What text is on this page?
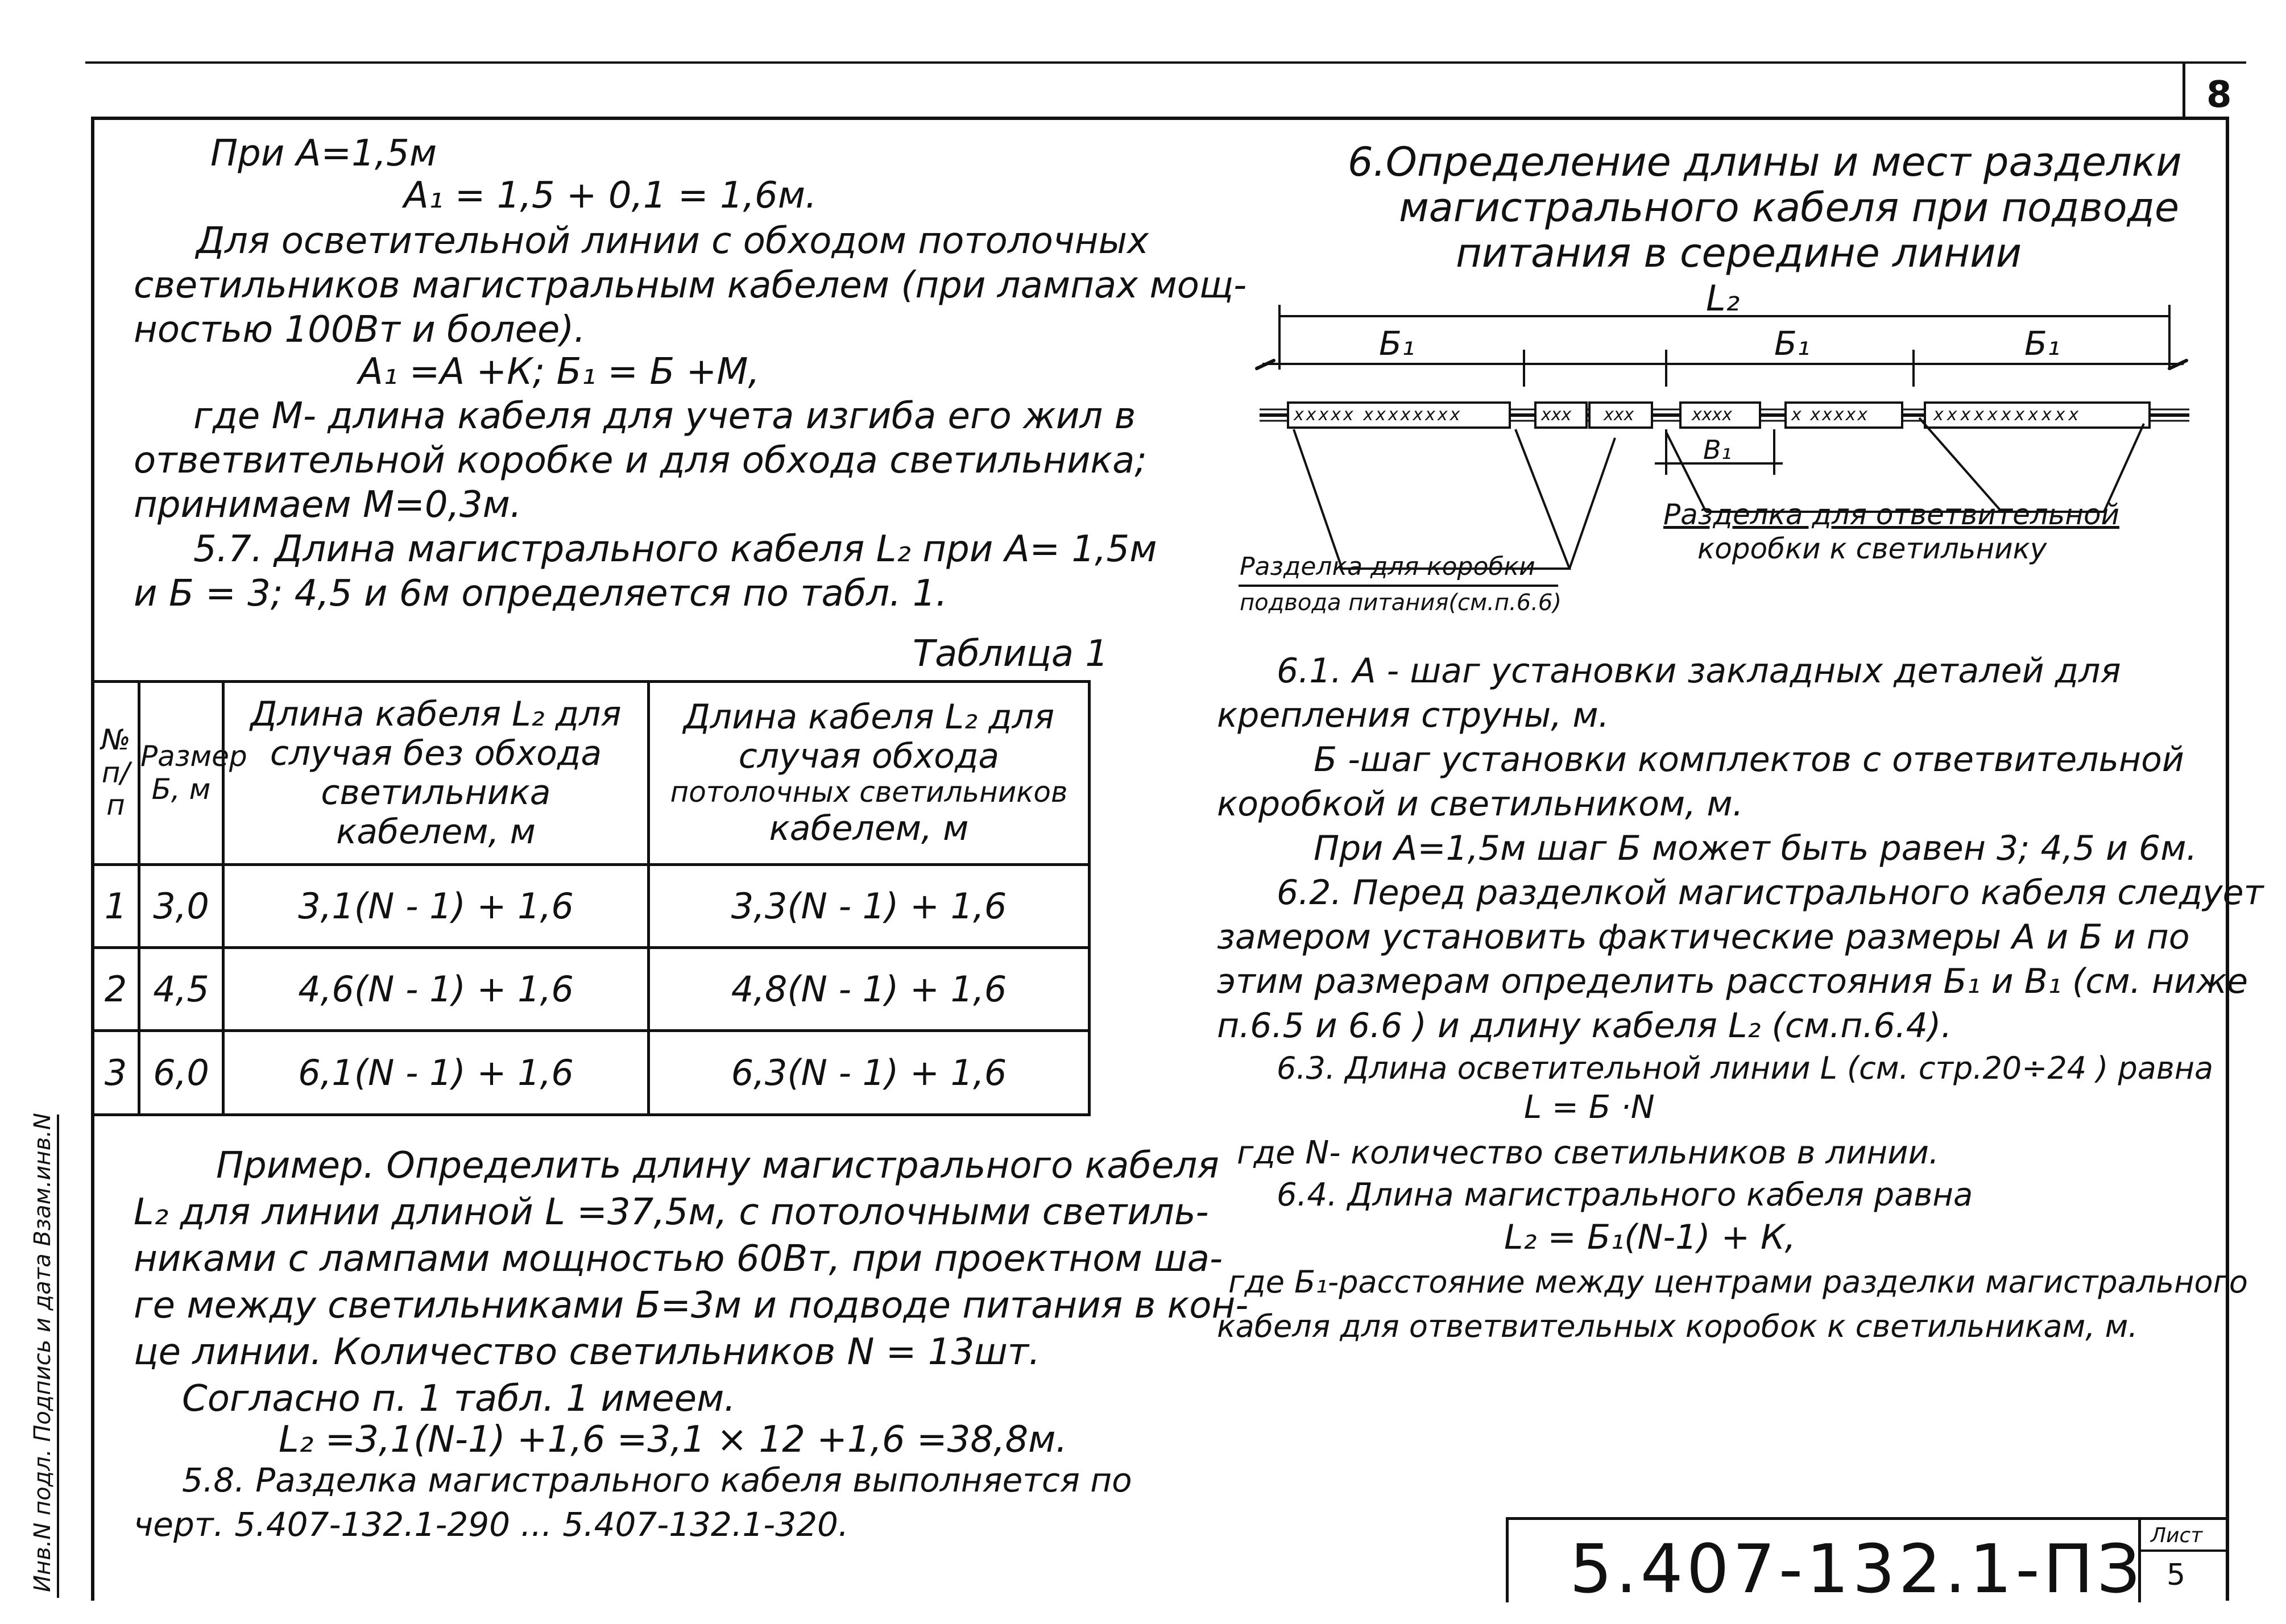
8
Инв.N подл. Подпись и дата Взам.инв.N
При А=1,5м
А₁ = 1,5 + 0,1 = 1,6м.
Для осветительной линии с обходом потолочных
светильников магистральным кабелем (при лампах мощ-
ностью 100Вт и более).
А₁ =А +К; Б₁ = Б +М,
где М- длина кабеля для учета изгиба его жил в
ответвительной коробке и для обхода светильника;
принимаем М=0,3м.
5.7. Длина магистрального кабеля L₂ при А= 1,5м
и Б = 3; 4,5 и 6м определяется по табл. 1.
Таблица 1
№ п/п	Размер Б, м	Длина кабеля L₂ для случая без обхода светильника кабелем, м	Длина кабеля L₂ для случая обхода
потолочных светильников
кабелем, м

1	3,0	3,1(N - 1) + 1,6	3,3(N - 1) + 1,6
2	4,5	4,6(N - 1) + 1,6	4,8(N - 1) + 1,6
3	6,0	6,1(N - 1) + 1,6	6,3(N - 1) + 1,6
Пример. Определить длину магистрального кабеля
L₂ для линии длиной L =37,5м, с потолочными светиль-
никами с лампами мощностью 60Вт, при проектном ша-
ге между светильниками Б=3м и подводе питания в кон-
це линии. Количество светильников N = 13шт.
Согласно п. 1 табл. 1 имеем.
L₂ =3,1(N-1) +1,6 =3,1 × 12 +1,6 =38,8м.
5.8. Разделка магистрального кабеля выполняется по
черт. 5.407-132.1-290 ... 5.407-132.1-320.
6.Определение длины и мест разделки
магистрального кабеля при подводе
питания в середине линии
L₂
Б₁	Б₁	Б₁
В₁
xxxxx xxxxxxxx	xxx xxx	xxxx	x xxxxx	xxxxxxxxxxx
Разделка для ответвительной
коробки к светильнику
Разделка для коробки
подвода питания(см.п.6.6)
6.1. А - шаг установки закладных деталей для
крепления струны, м.
Б -шаг установки комплектов с ответвительной
коробкой и светильником, м.
При А=1,5м шаг Б может быть равен 3; 4,5 и 6м.
6.2. Перед разделкой магистрального кабеля следует
замером установить фактические размеры А и Б и по
этим размерам определить расстояния Б₁ и В₁ (см. ниже
п.6.5 и 6.6 ) и длину кабеля L₂ (см.п.6.4).
6.3. Длина осветительной линии L (см. стр.20÷24 ) равна
L = Б ·N
где N- количество светильников в линии.
6.4. Длина магистрального кабеля равна
L₂ = Б₁(N-1) + К,
где Б₁-расстояние между центрами разделки магистрального
кабеля для ответвительных коробок к светильникам, м.
5.407-132.1-ПЗ Лист
5
